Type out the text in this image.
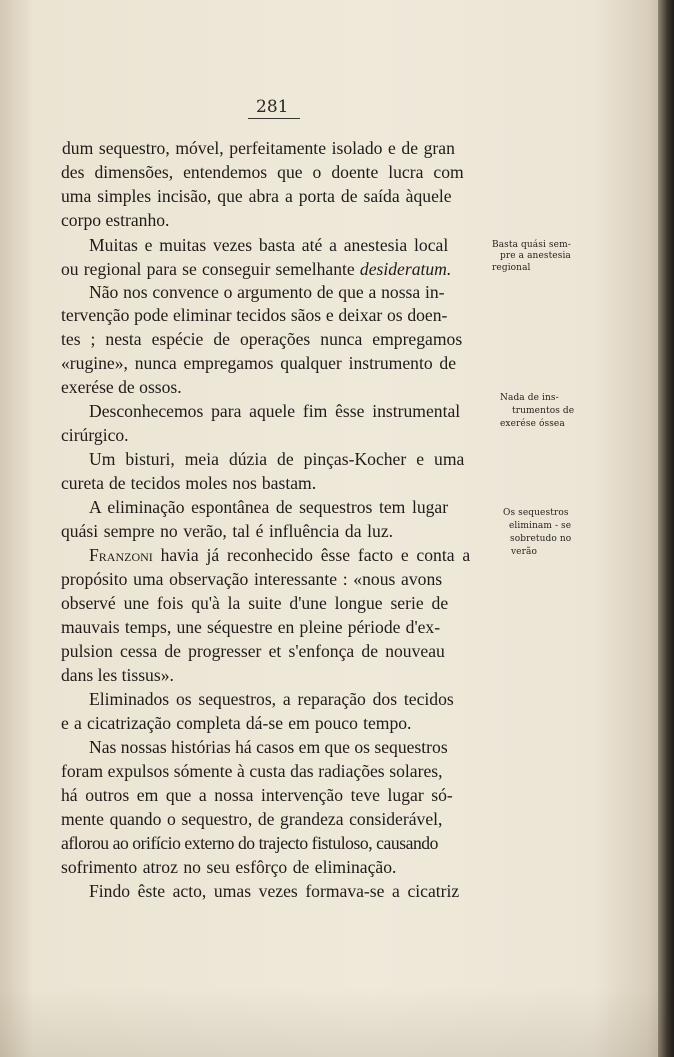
281
dum sequestro, móvel, perfeitamente isolado e de gran
des dimensões, entendemos que o doente lucra com
uma simples incisão, que abra a porta de saída àquele
corpo estranho.
Muitas e muitas vezes basta até a anestesia local
ou regional para se conseguir semelhante desideratum.
Não nos convence o argumento de que a nossa in-
tervenção pode eliminar tecidos sãos e deixar os doen-
tes ; nesta espécie de operações nunca empregamos
«rugine», nunca empregamos qualquer instrumento de
exerése de ossos.
Desconhecemos para aquele fim êsse instrumental
cirúrgico.
Um bisturi, meia dúzia de pinças-Kocher e uma
cureta de tecidos moles nos bastam.
A eliminação espontânea de sequestros tem lugar
quási sempre no verão, tal é influência da luz.
Franzoni havia já reconhecido êsse facto e conta a
propósito uma observação interessante : «nous avons
observé une fois qu'à la suite d'une longue serie de
mauvais temps, une séquestre en pleine période d'ex-
pulsion cessa de progresser et s'enfonça de nouveau
dans les tissus».
Eliminados os sequestros, a reparação dos tecidos
e a cicatrização completa dá-se em pouco tempo.
Nas nossas histórias há casos em que os sequestros
foram expulsos sómente à custa das radiações solares,
há outros em que a nossa intervenção teve lugar só-
mente quando o sequestro, de grandeza considerável,
aflorou ao orifício externo do trajecto fistuloso, causando
sofrimento atroz no seu esfôrço de eliminação.
Findo êste acto, umas vezes formava-se a cicatriz
Basta quási sem-
pre a anestesia
regional
Nada de ins-
trumentos de
exerése óssea
Os sequestros
eliminam - se
sobretudo no
verão
